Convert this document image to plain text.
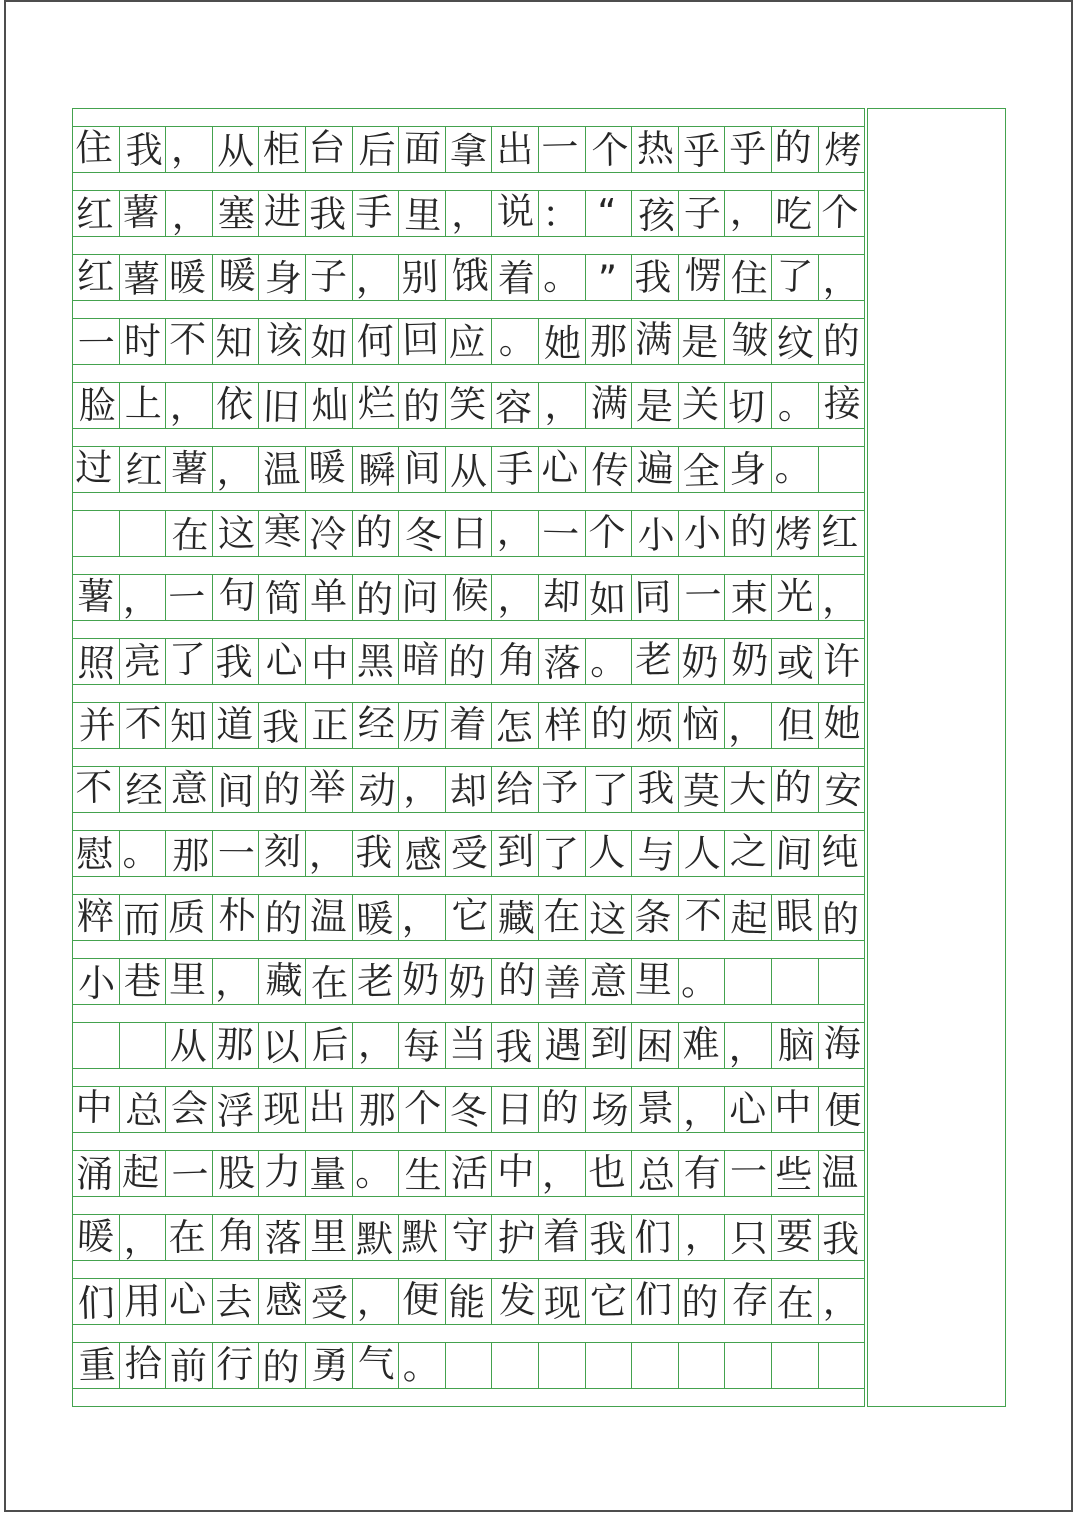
住 我 ， 从 柜 台 后 面 拿 出 一 个 热 乎 乎 的 烤
红 薯 ， 塞 进 我 手 里 ， 说 ： “ 孩 子 ， 吃 个
红 薯 暖 暖 身 子 ， 别 饿 着 。 ” 我 愣 住 了 ，
一 时 不 知 该 如 何 回 应 。 她 那 满 是 皱 纹 的
脸 上 ， 依 旧 灿 烂 的 笑 容 ， 满 是 关 切 。 接
过 红 薯 ， 温 暖 瞬 间 从 手 心 传 遍 全 身 。
在 这 寒 冷 的 冬 日 ， 一 个 小 小 的 烤 红
薯 ， 一 句 简 单 的 问 候 ， 却 如 同 一 束 光 ，
照 亮 了 我 心 中 黑 暗 的 角 落 。 老 奶 奶 或 许
并 不 知 道 我 正 经 历 着 怎 样 的 烦 恼 ， 但 她
不 经 意 间 的 举 动 ， 却 给 予 了 我 莫 大 的 安
慰 。 那 一 刻 ， 我 感 受 到 了 人 与 人 之 间 纯
粹 而 质 朴 的 温 暖 ， 它 藏 在 这 条 不 起 眼 的
小 巷 里 ， 藏 在 老 奶 奶 的 善 意 里 。
从 那 以 后 ， 每 当 我 遇 到 困 难 ， 脑 海
中 总 会 浮 现 出 那 个 冬 日 的 场 景 ， 心 中 便
涌 起 一 股 力 量 。 生 活 中 ， 也 总 有 一 些 温
暖 ， 在 角 落 里 默 默 守 护 着 我 们 ， 只 要 我
们 用 心 去 感 受 ， 便 能 发 现 它 们 的 存 在 ，
重 拾 前 行 的 勇 气 。
